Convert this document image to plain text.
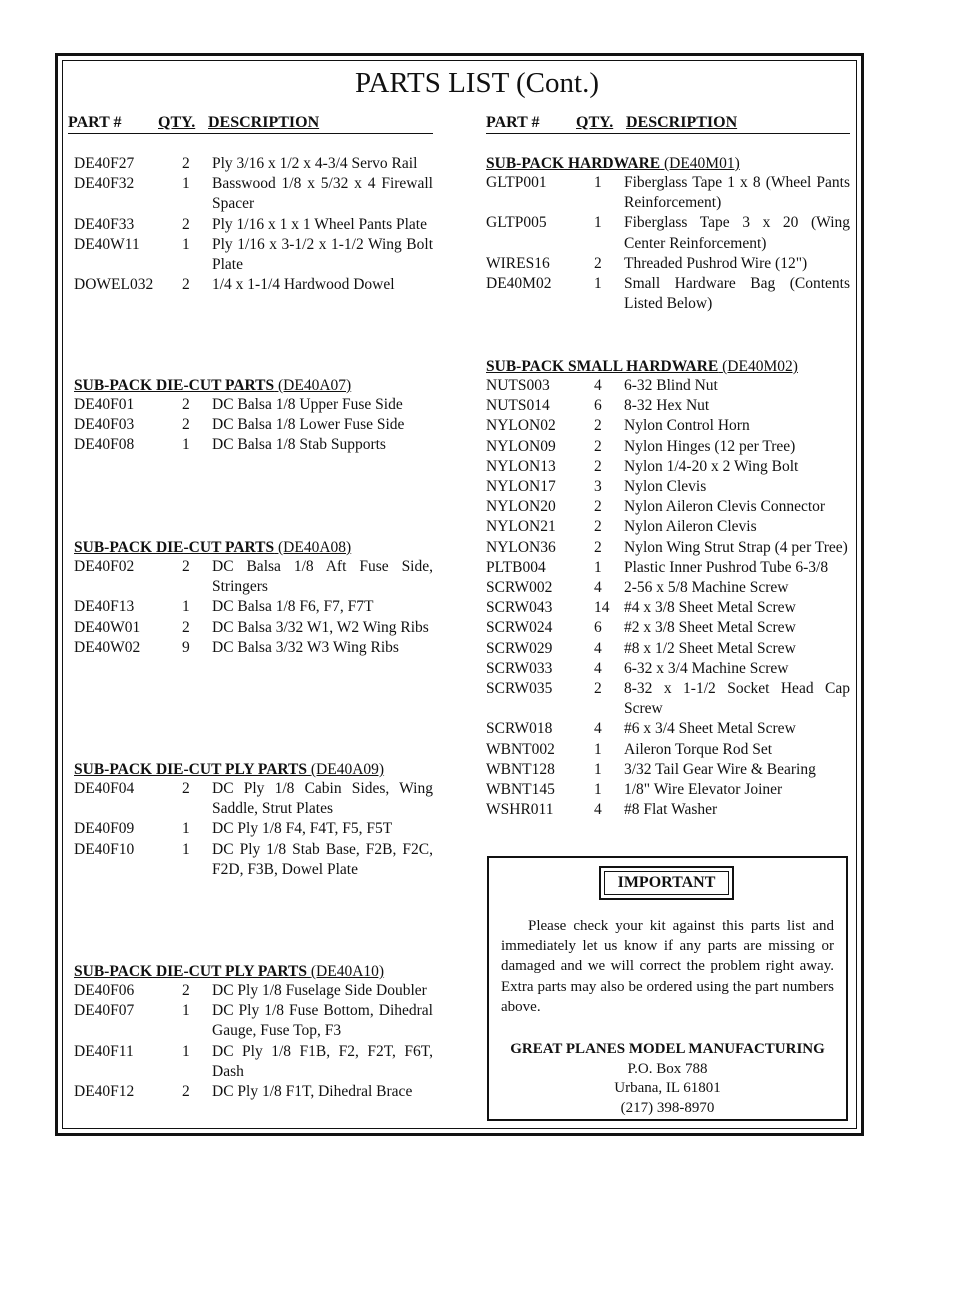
PARTS LIST (Cont.)
PART #	QTY. DESCRIPTION
DE40F27	2	Ply 3/16 x 1/2 x 4-3/4 Servo Rail
DE40F32	1	Basswood 1/8 x 5/32 x 4 Firewall Spacer
DE40F33	2	Ply 1/16 x 1 x 1 Wheel Pants Plate
DE40W11	1	Ply 1/16 x 3-1/2 x 1-1/2 Wing Bolt Plate
DOWEL032	2	1/4 x 1-1/4 Hardwood Dowel
SUB-PACK DIE-CUT PARTS (DE40A07)
DE40F01	2	DC Balsa 1/8 Upper Fuse Side
DE40F03	2	DC Balsa 1/8 Lower Fuse Side
DE40F08	1	DC Balsa 1/8 Stab Supports
SUB-PACK DIE-CUT PARTS (DE40A08)
DE40F02	2	DC Balsa 1/8 Aft Fuse Side, Stringers
DE40F13	1	DC Balsa 1/8 F6, F7, F7T
DE40W01	2	DC Balsa 3/32 W1, W2 Wing Ribs
DE40W02	9	DC Balsa 3/32 W3 Wing Ribs
SUB-PACK DIE-CUT PLY PARTS (DE40A09)
DE40F04	2	DC Ply 1/8 Cabin Sides, Wing Saddle, Strut Plates
DE40F09	1	DC Ply 1/8 F4, F4T, F5, F5T
DE40F10	1	DC Ply 1/8 Stab Base, F2B, F2C, F2D, F3B, Dowel Plate
SUB-PACK DIE-CUT PLY PARTS (DE40A10)
DE40F06	2	DC Ply 1/8 Fuselage Side Doubler
DE40F07	1	DC Ply 1/8 Fuse Bottom, Dihedral Gauge, Fuse Top, F3
DE40F11	1	DC Ply 1/8 F1B, F2, F2T, F6T, Dash
DE40F12	2	DC Ply 1/8 F1T, Dihedral Brace
PART #	QTY. DESCRIPTION
SUB-PACK HARDWARE (DE40M01)
GLTP001	1	Fiberglass Tape 1 x 8 (Wheel Pants Reinforcement)
GLTP005	1	Fiberglass Tape 3 x 20 (Wing Center Reinforcement)
WIRES16	2	Threaded Pushrod Wire (12")
DE40M02	1	Small Hardware Bag (Contents Listed Below)
SUB-PACK SMALL HARDWARE (DE40M02)
NUTS003	4	6-32 Blind Nut
NUTS014	6	8-32 Hex Nut
NYLON02	2	Nylon Control Horn
NYLON09	2	Nylon Hinges (12 per Tree)
NYLON13	2	Nylon 1/4-20 x 2 Wing Bolt
NYLON17	3	Nylon Clevis
NYLON20	2	Nylon Aileron Clevis Connector
NYLON21	2	Nylon Aileron Clevis
NYLON36	2	Nylon Wing Strut Strap (4 per Tree)
PLTB004	1	Plastic Inner Pushrod Tube 6-3/8
SCRW002	4	2-56 x 5/8 Machine Screw
SCRW043	14 #4 x 3/8 Sheet Metal Screw
SCRW024	6	#2 x 3/8 Sheet Metal Screw
SCRW029	4	#8 x 1/2 Sheet Metal Screw
SCRW033	4	6-32 x 3/4 Machine Screw
SCRW035	2	8-32 x 1-1/2 Socket Head Cap Screw
SCRW018	4	#6 x 3/4 Sheet Metal Screw
WBNT002	1	Aileron Torque Rod Set
WBNT128	1	3/32 Tail Gear Wire & Bearing
WBNT145	1	1/8" Wire Elevator Joiner
WSHR011	4	#8 Flat Washer
IMPORTANT
Please check your kit against this parts list and immediately let us know if any parts are missing or damaged and we will correct the problem right away. Extra parts may also be ordered using the part numbers above.
GREAT PLANES MODEL MANUFACTURING
P.O. Box 788
Urbana, IL 61801
(217) 398-8970
